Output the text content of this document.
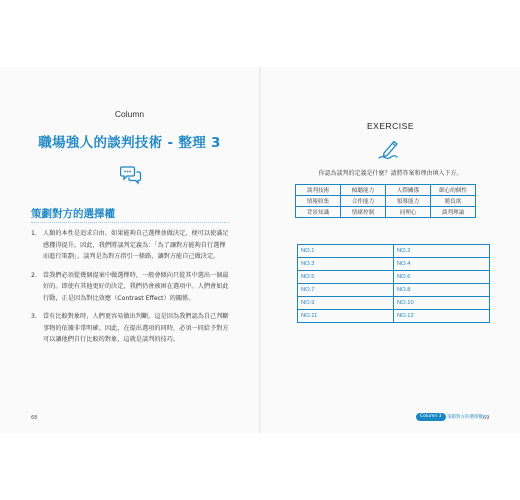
Column
職場強人的談判技術 - 整理 3
策劃對方的選擇權
1. 人類的本性是追求自由。如果能夠自己選擇並做決定，便可以使滿足感獲得提升。因此，我們將談判定義為：「為了讓對方能夠自行選擇而進行策劃」。談判是為對方指引一條路，讓對方能自己做決定。
2. 當我們必須從幾個提案中做選擇時，一般會傾向只從其中選出一個最好的。即使有其他更好的決定，我們仍會被困在選項中。人們會如此行動，正是因為對比效應（Contrast Effect）的關係。
3. 當有比較對象時，人們更容易做出判斷。這是因為我們認為自己判斷事物的依據非常明確。因此，在提出選項的同時，必須一同給予對方可以讓他們自行比較的對象，這就是談判的技巧。
68
EXERCISE
你認為談判的定義是什麼？請將答案和理由填入下方。
談判技術	傾聽能力	人際關係	細心的個性
情報收集	合作能力	領導能力	勝負欲
背景知識	情緒控制	同理心	談判理論
NO.1	NO.2
NO.3	NO.4
NO.5	NO.6
NO.7	NO.8
NO.9	NO.10
NO.11	NO.12
Column 3	策劃對方的選擇權 69
